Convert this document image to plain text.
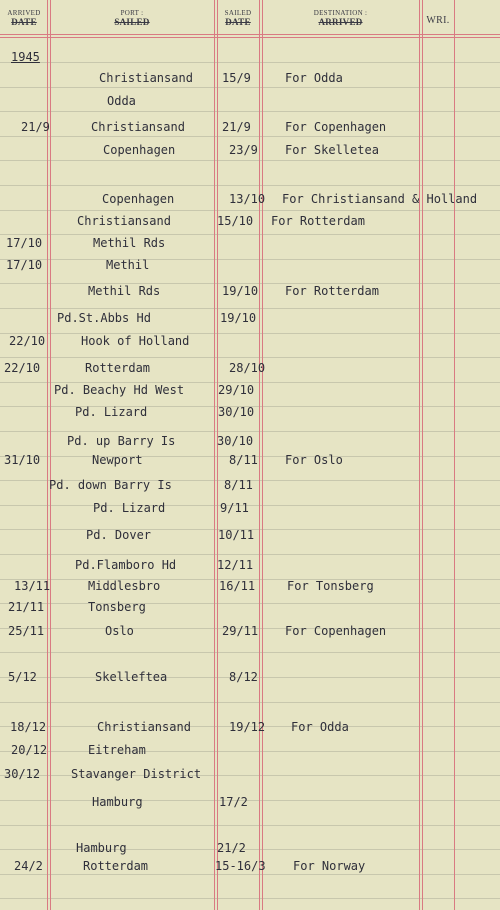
ARRIVED
DATE
PORT :
SAILED
SAILED
DATE
DESTINATION :
ARRIVED	WRI.
1945
Christiansand 15/9	For Odda
Odda
21/9	Christiansand	21/9	For Copenhagen
Copenhagen	23/9 For Skelletea
Copenhagen	13/10 For Christiansand & Holland
Christiansand	15/10 For Rotterdam
17/10	Methil Rds
17/10	Methil
Methil Rds	19/10 For Rotterdam
Pd.St.Abbs Hd	19/10
22/10	Hook of Holland
22/10	Rotterdam	28/10
Pd. Beachy Hd West	29/10
Pd. Lizard	30/10
Pd. up Barry Is	30/10
31/10	Newport	8/11 For Oslo
Pd. down Barry Is	8/11
Pd. Lizard	9/11
Pd. Dover	10/11
Pd.Flamboro Hd	12/11
13/11	Middlesbro	16/11	For Tonsberg
21/11	Tonsberg
25/11	Oslo	29/11 For Copenhagen
5/12	Skelleftea	8/12
18/12	Christiansand	19/12 For Odda
20/12	Eitreham
30/12	Stavanger District
Hamburg	17/2
Hamburg	21/2
24/2	Rotterdam	15-16/3 For Norway
